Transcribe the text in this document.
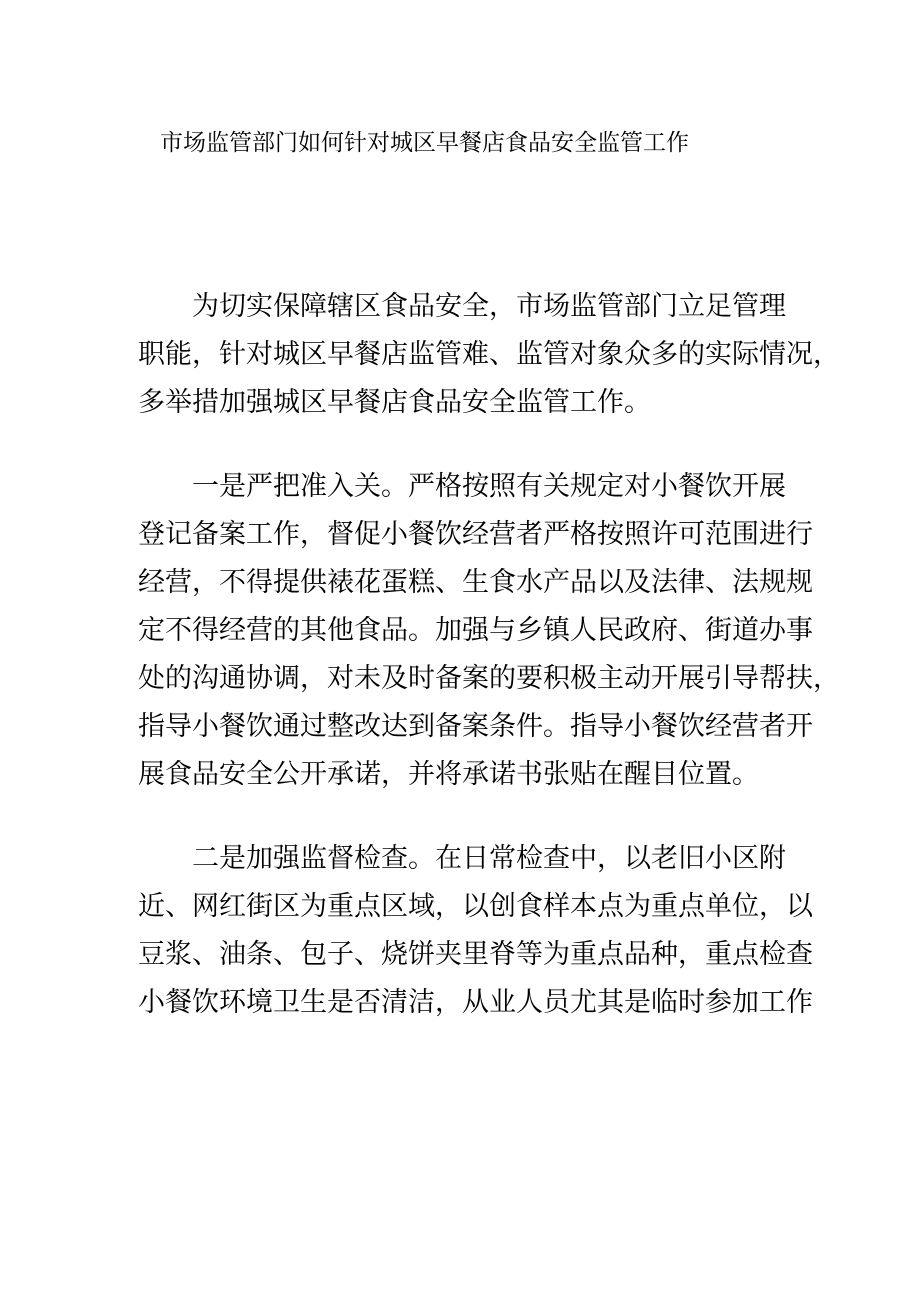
市场监管部门如何针对城区早餐店食品安全监管工作

为切实保障辖区食品安全，市场监管部门立足管理
职能，针对城区早餐店监管难、监管对象众多的实际情况，
多举措加强城区早餐店食品安全监管工作。

一是严把准入关。严格按照有关规定对小餐饮开展
登记备案工作，督促小餐饮经营者严格按照许可范围进行
经营，不得提供裱花蛋糕、生食水产品以及法律、法规规
定不得经营的其他食品。加强与乡镇人民政府、街道办事
处的沟通协调，对未及时备案的要积极主动开展引导帮扶，
指导小餐饮通过整改达到备案条件。指导小餐饮经营者开
展食品安全公开承诺，并将承诺书张贴在醒目位置。

二是加强监督检查。在日常检查中，以老旧小区附
近、网红街区为重点区域，以创食样本点为重点单位，以
豆浆、油条、包子、烧饼夹里脊等为重点品种，重点检查
小餐饮环境卫生是否清洁，从业人员尤其是临时参加工作
